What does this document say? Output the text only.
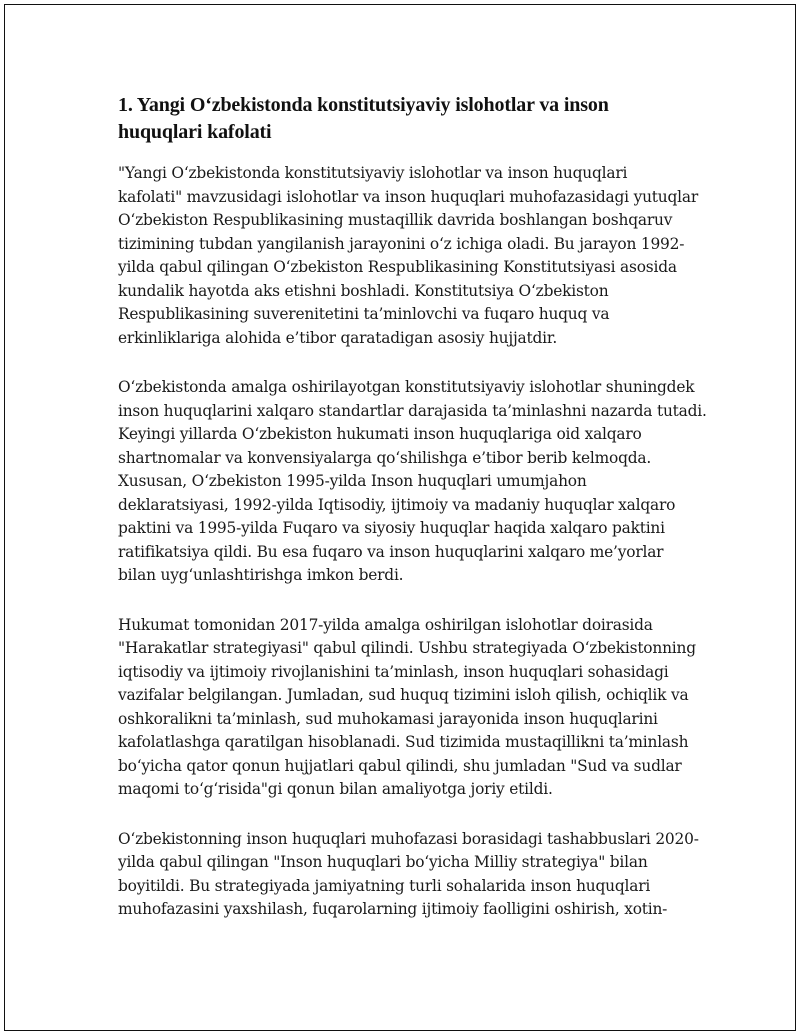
1. Yangi O‘zbekistonda konstitutsiyaviy islohotlar va inson
huquqlari kafolati

"Yangi O‘zbekistonda konstitutsiyaviy islohotlar va inson huquqlari
kafolati" mavzusidagi islohotlar va inson huquqlari muhofazasidagi yutuqlar
O‘zbekiston Respublikasining mustaqillik davrida boshlangan boshqaruv
tizimining tubdan yangilanish jarayonini o‘z ichiga oladi. Bu jarayon 1992-
yilda qabul qilingan O‘zbekiston Respublikasining Konstitutsiyasi asosida
kundalik hayotda aks etishni boshladi. Konstitutsiya O‘zbekiston
Respublikasining suverenitetini ta’minlovchi va fuqaro huquq va
erkinliklariga alohida e’tibor qaratadigan asosiy hujjatdir.

O‘zbekistonda amalga oshirilayotgan konstitutsiyaviy islohotlar shuningdek
inson huquqlarini xalqaro standartlar darajasida ta’minlashni nazarda tutadi.
Keyingi yillarda O‘zbekiston hukumati inson huquqlariga oid xalqaro
shartnomalar va konvensiyalarga qo‘shilishga e’tibor berib kelmoqda.
Xususan, O‘zbekiston 1995-yilda Inson huquqlari umumjahon
deklaratsiyasi, 1992-yilda Iqtisodiy, ijtimoiy va madaniy huquqlar xalqaro
paktini va 1995-yilda Fuqaro va siyosiy huquqlar haqida xalqaro paktini
ratifikatsiya qildi. Bu esa fuqaro va inson huquqlarini xalqaro me’yorlar
bilan uyg‘unlashtirishga imkon berdi.

Hukumat tomonidan 2017-yilda amalga oshirilgan islohotlar doirasida
"Harakatlar strategiyasi" qabul qilindi. Ushbu strategiyada O‘zbekistonning
iqtisodiy va ijtimoiy rivojlanishini ta’minlash, inson huquqlari sohasidagi
vazifalar belgilangan. Jumladan, sud huquq tizimini isloh qilish, ochiqlik va
oshkoralikni ta’minlash, sud muhokamasi jarayonida inson huquqlarini
kafolatlashga qaratilgan hisoblanadi. Sud tizimida mustaqillikni ta’minlash
bo‘yicha qator qonun hujjatlari qabul qilindi, shu jumladan "Sud va sudlar
maqomi to‘g‘risida"gi qonun bilan amaliyotga joriy etildi.

O‘zbekistonning inson huquqlari muhofazasi borasidagi tashabbuslari 2020-
yilda qabul qilingan "Inson huquqlari bo‘yicha Milliy strategiya" bilan
boyitildi. Bu strategiyada jamiyatning turli sohalarida inson huquqlari
muhofazasini yaxshilash, fuqarolarning ijtimoiy faolligini oshirish, xotin-
